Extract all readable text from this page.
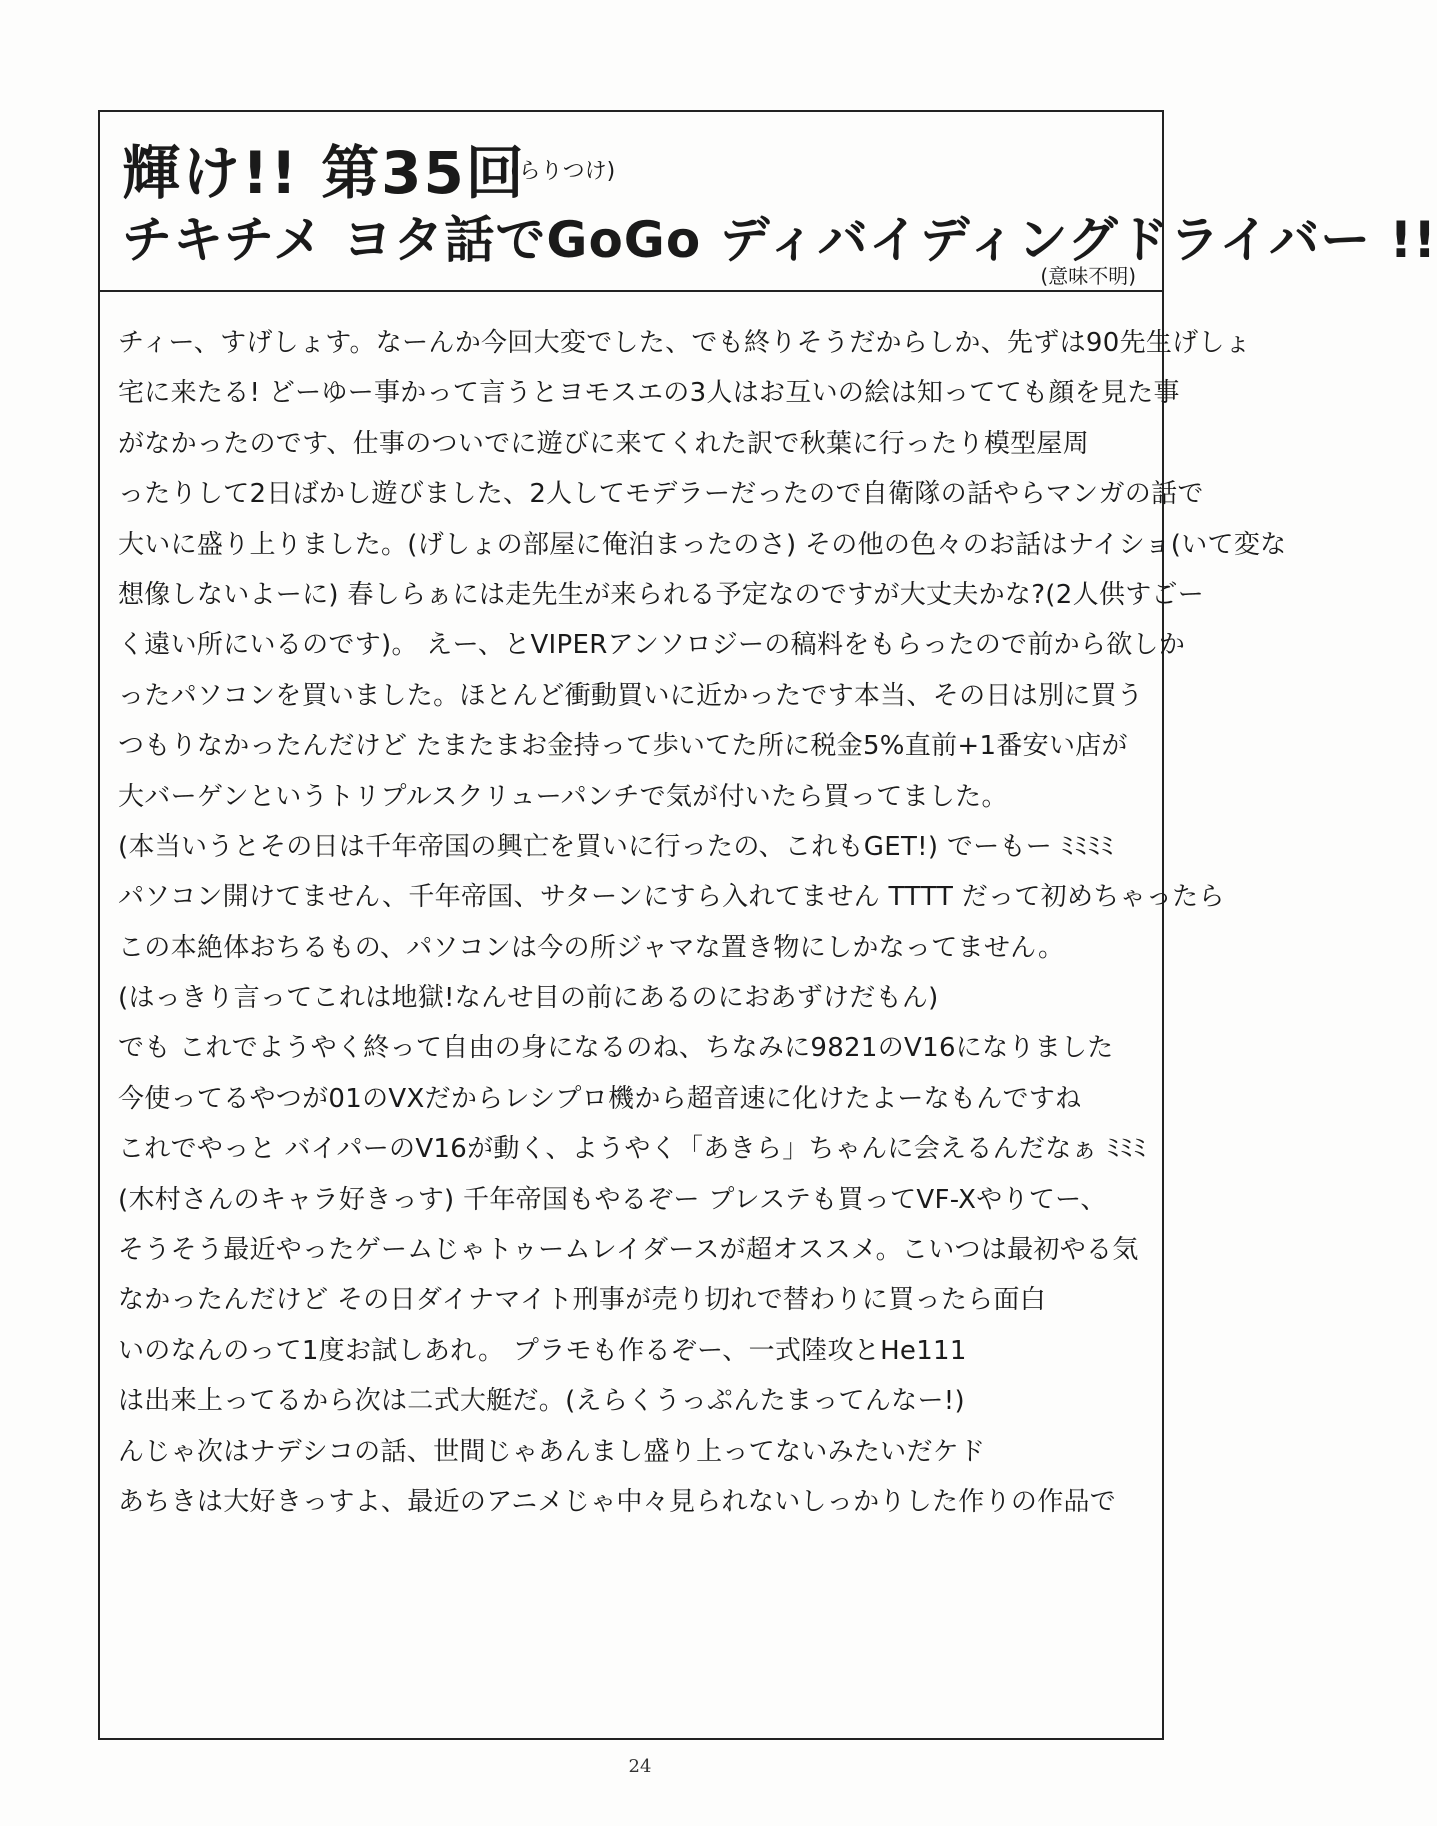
輝け!! 第35回
(らりつけ)
チキチメ ヨタ話でGoGo ディバイディングドライバー !!
(意味不明)
チィー、すげしょす。なーんか今回大変でした、でも終りそうだからしか、先ずは90先生げしょ
宅に来たる! どーゆー事かって言うとヨモスエの3人はお互いの絵は知ってても顔を見た事
がなかったのです、仕事のついでに遊びに来てくれた訳で秋葉に行ったり模型屋周
ったりして2日ばかし遊びました、2人してモデラーだったので自衛隊の話やらマンガの話で
大いに盛り上りました。(げしょの部屋に俺泊まったのさ) その他の色々のお話はナイショ(いて変な
想像しないよーに) 春しらぁには走先生が来られる予定なのですが大丈夫かな?(2人供すごー
く遠い所にいるのです)。 えー、とVIPERアンソロジーの稿料をもらったので前から欲しか
ったパソコンを買いました。ほとんど衝動買いに近かったです本当、その日は別に買う
つもりなかったんだけど たまたまお金持って歩いてた所に税金5%直前+1番安い店が
大バーゲンというトリプルスクリューパンチで気が付いたら買ってました。
(本当いうとその日は千年帝国の興亡を買いに行ったの、これもGET!) でーもー ﾐﾐﾐﾐ
パソコン開けてません、千年帝国、サターンにすら入れてません ТТТТ だって初めちゃったら
この本絶体おちるもの、パソコンは今の所ジャマな置き物にしかなってません。
(はっきり言ってこれは地獄!なんせ目の前にあるのにおあずけだもん)
でも これでようやく終って自由の身になるのね、ちなみに9821のV16になりました
今使ってるやつが01のVXだからレシプロ機から超音速に化けたよーなもんですね
これでやっと バイパーのV16が動く、ようやく「あきら」ちゃんに会えるんだなぁ ﾐﾐﾐ
(木村さんのキャラ好きっす) 千年帝国もやるぞー プレステも買ってVF-Xやりてー、
そうそう最近やったゲームじゃトゥームレイダースが超オススメ。こいつは最初やる気
なかったんだけど その日ダイナマイト刑事が売り切れで替わりに買ったら面白
いのなんのって1度お試しあれ。 プラモも作るぞー、一式陸攻とHe111
は出来上ってるから次は二式大艇だ。(えらくうっぷんたまってんなー!)
んじゃ次はナデシコの話、世間じゃあんまし盛り上ってないみたいだケド
あちきは大好きっすよ、最近のアニメじゃ中々見られないしっかりした作りの作品で
24
